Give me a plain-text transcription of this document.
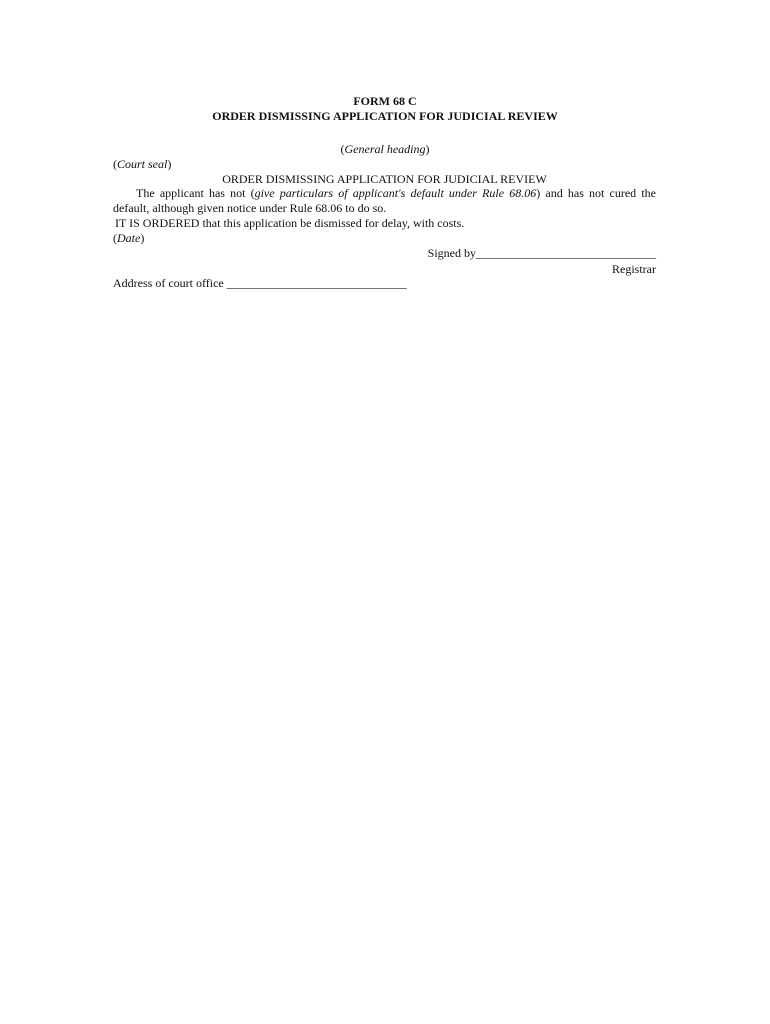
FORM 68 C
ORDER DISMISSING APPLICATION FOR JUDICIAL REVIEW
(General heading)
(Court seal)
ORDER DISMISSING APPLICATION FOR JUDICIAL REVIEW
The applicant has not (give particulars of applicant's default under Rule 68.06) and has not cured the default, although given notice under Rule 68.06 to do so.
IT IS ORDERED that this application be dismissed for delay, with costs.
(Date)
Signed by______________________________
Registrar
Address of court office ______________________________
